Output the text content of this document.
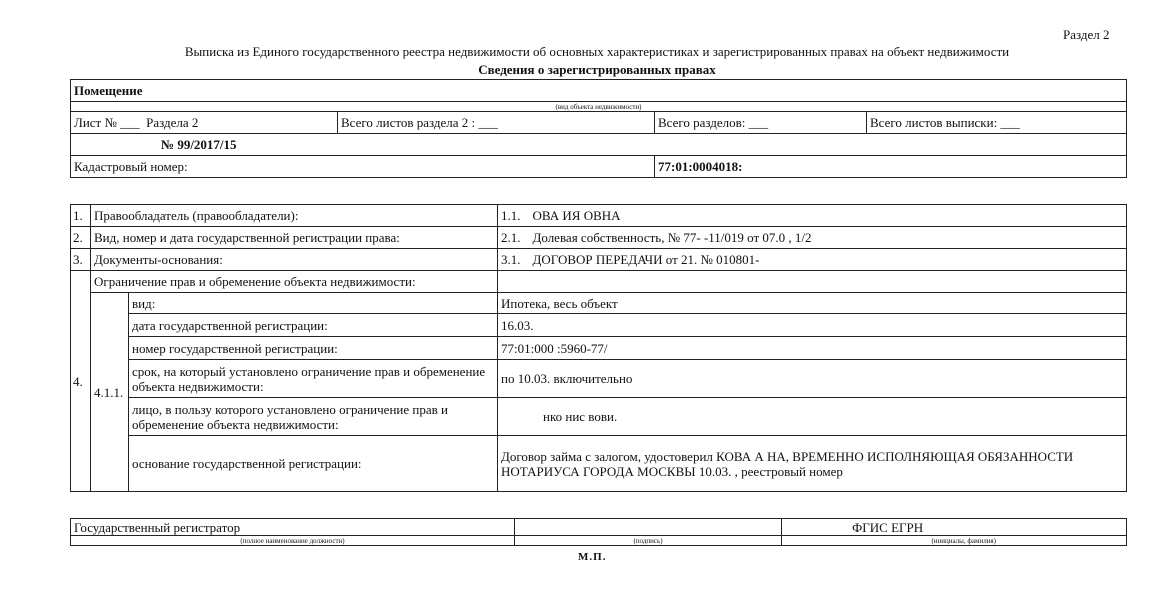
Раздел 2
Выписка из Единого государственного реестра недвижимости об основных характеристиках и зарегистрированных правах на объект недвижимости
Сведения о зарегистрированных правах
Помещение			
(вид объекта недвижимости)			
Лист № ___ Раздела 2	Всего листов раздела 2 : ___	Всего разделов: ___	Всего листов выписки: ___
№ 99/2017/15			
Кадастровый номер:		77:01:0004018:	
1.	Правообладатель (правообладатели):		1.1.	ОВА ИЯ ОВНА
2.	Вид, номер и дата государственной регистрации права:		2.1.	Долевая собственность, № 77- -11/019 от 07.0 , 1/2
3.	Документы-основания:		3.1.	ДОГОВОР ПЕРЕДАЧИ от 21. № 010801-
4.	Ограничение прав и обременение объекта недвижимости:			
	4.1.1.	вид:	Ипотека, весь объект	
		дата государственной регистрации:	16.03.	
		номер государственной регистрации:	77:01:000 :5960-77/	
		срок, на который установлено ограничение прав и обременение объекта недвижимости:	по 10.03. включительно	
		лицо, в пользу которого установлено ограничение прав и обременение объекта недвижимости:	нко нис вови.	
		основание государственной регистрации:	Договор займа с залогом, удостоверил КОВА А НА, ВРЕМЕННО ИСПОЛНЯЮЩАЯ ОБЯЗАННОСТИ НОТАРИУСА ГОРОДА МОСКВЫ 10.03. , реестровый номер	
Государственный регистратор		ФГИС ЕГРН
(полное наименование должности)	(подпись)	(инициалы, фамилия)
М.П.
